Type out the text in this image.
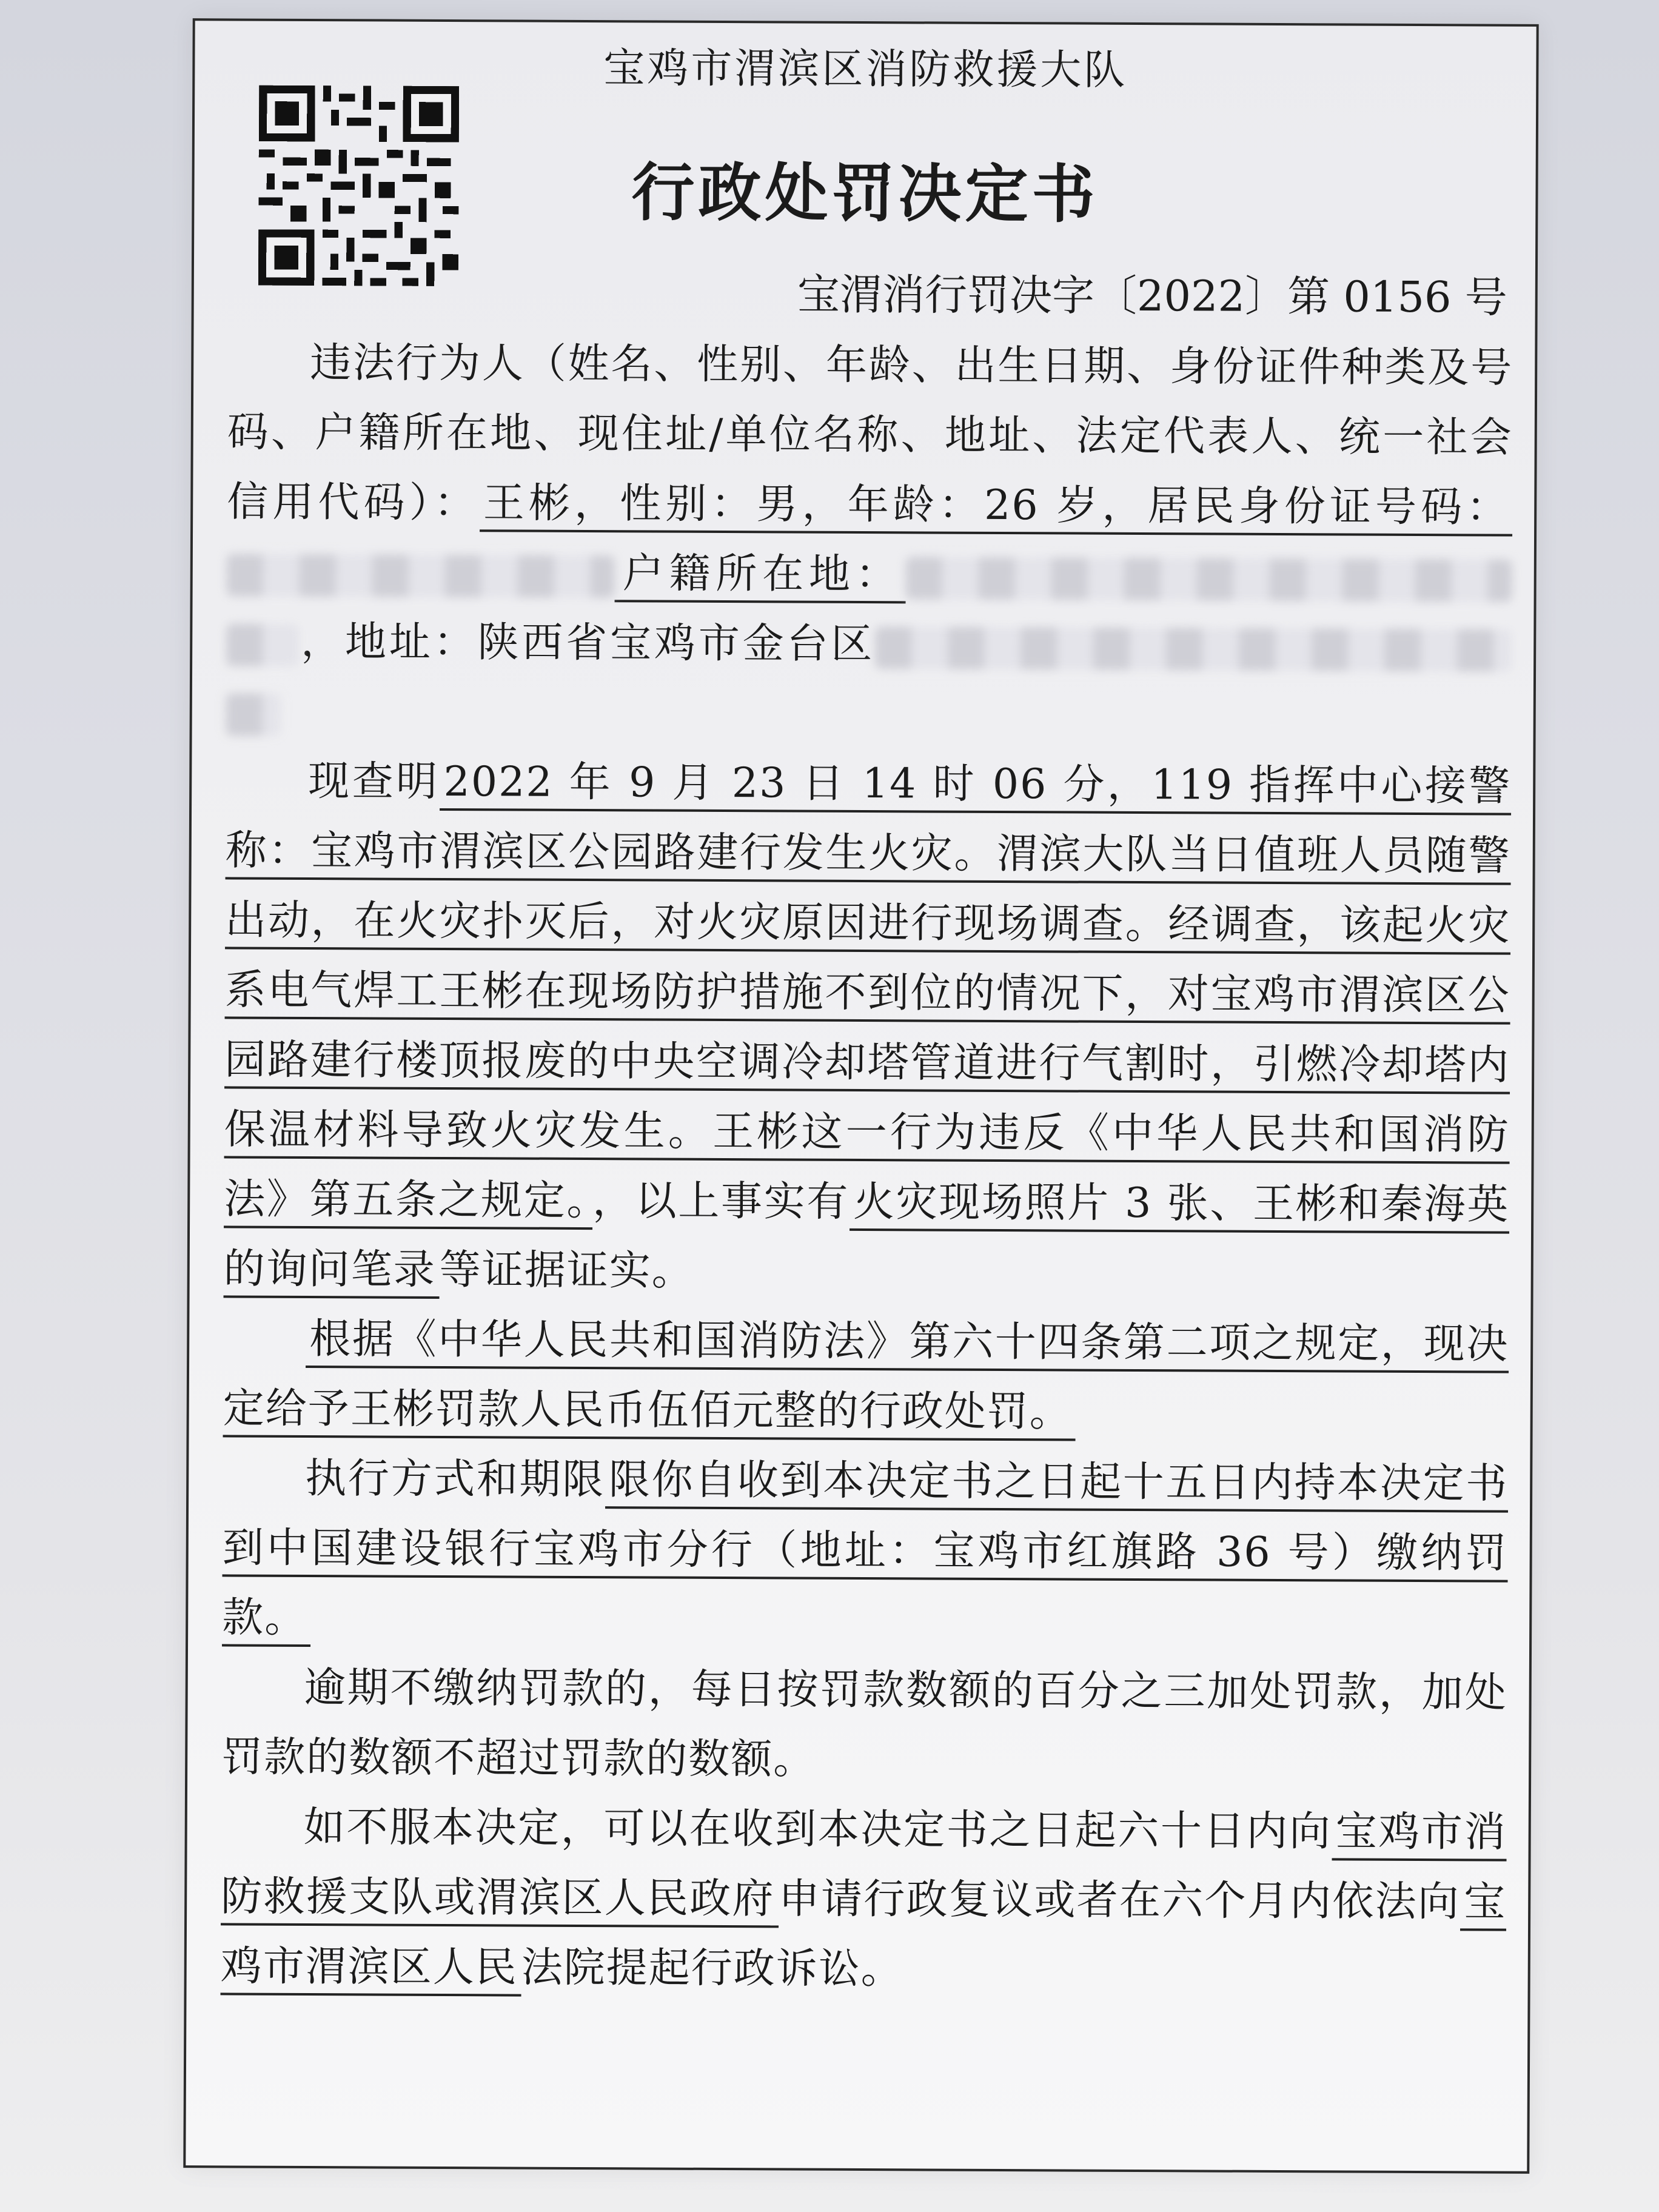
宝鸡市渭滨区消防救援大队
行政处罚决定书
宝渭消行罚决字〔2022〕第 0156 号

违法行为人（姓名、性别、年龄、出生日期、身份证件种类及号码、户籍所在地、现住址/单位名称、地址、法定代表人、统一社会信用代码）：王彬，性别：男，年龄：26 岁，居民身份证号码：户籍所在地：，地址：陕西省宝鸡市金台区

现查明2022 年 9 月 23 日 14 时 06 分，119 指挥中心接警称：宝鸡市渭滨区公园路建行发生火灾。渭滨大队当日值班人员随警出动，在火灾扑灭后，对火灾原因进行现场调查。经调查，该起火灾系电气焊工王彬在现场防护措施不到位的情况下，对宝鸡市渭滨区公园路建行楼顶报废的中央空调冷却塔管道进行气割时，引燃冷却塔内保温材料导致火灾发生。王彬这一行为违反《中华人民共和国消防法》第五条之规定。，以上事实有火灾现场照片 3 张、王彬和秦海英的询问笔录等证据证实。

根据《中华人民共和国消防法》第六十四条第二项之规定，现决定给予王彬罚款人民币伍佰元整的行政处罚。

执行方式和期限限你自收到本决定书之日起十五日内持本决定书到中国建设银行宝鸡市分行（地址：宝鸡市红旗路 36 号）缴纳罚款。

逾期不缴纳罚款的，每日按罚款数额的百分之三加处罚款，加处罚款的数额不超过罚款的数额。

如不服本决定，可以在收到本决定书之日起六十日内向宝鸡市消防救援支队或渭滨区人民政府申请行政复议或者在六个月内依法向宝鸡市渭滨区人民法院提起行政诉讼。
